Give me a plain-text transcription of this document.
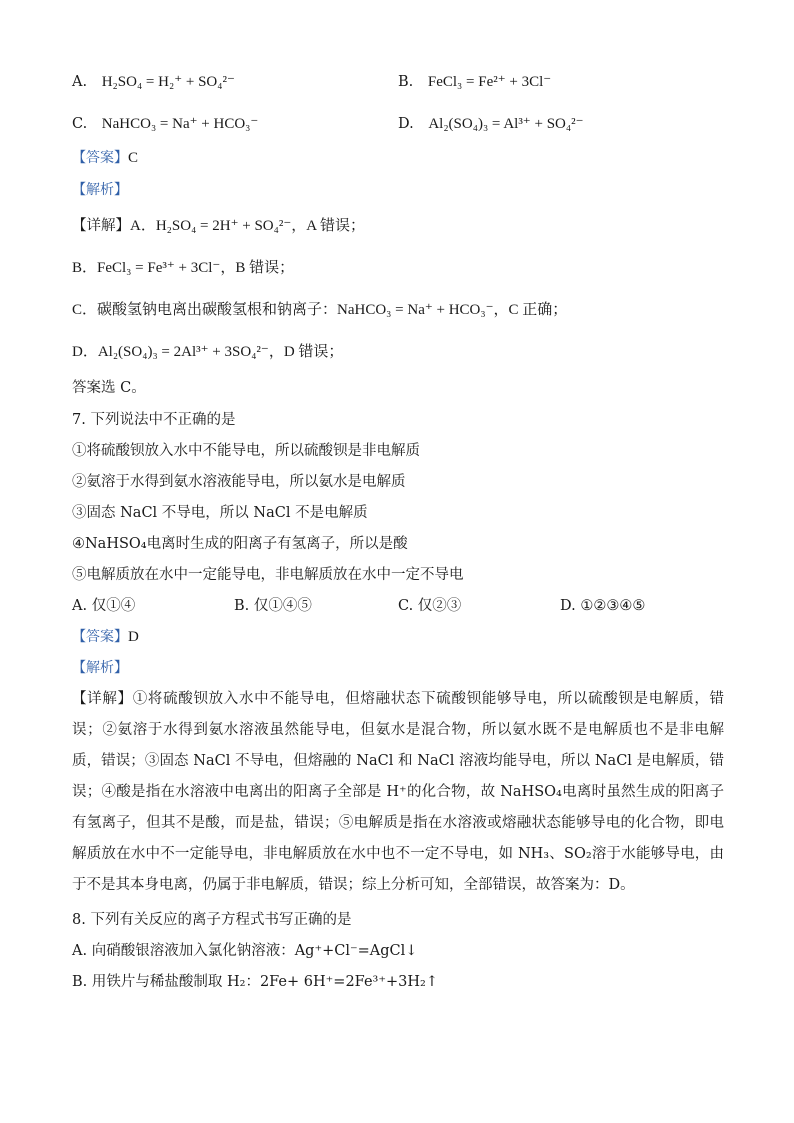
A. H₂SO₄ = H₂⁺ + SO₄²⁻	B. FeCl₃ = Fe²⁺ + 3Cl⁻
C. NaHCO₃ = Na⁺ + HCO₃⁻	D. Al₂(SO₄)₃ = Al³⁺ + SO₄²⁻
【答案】C
【解析】
【详解】A．H₂SO₄ = 2H⁺ + SO₄²⁻，A 错误；
B．FeCl₃ = Fe³⁺ + 3Cl⁻，B 错误；
C．碳酸氢钠电离出碳酸氢根和钠离子：NaHCO₃ = Na⁺ + HCO₃⁻，C 正确；
D．Al₂(SO₄)₃ = 2Al³⁺ + 3SO₄²⁻，D 错误；
答案选 C。
7. 下列说法中不正确的是
①将硫酸钡放入水中不能导电，所以硫酸钡是非电解质
②氨溶于水得到氨水溶液能导电，所以氨水是电解质
③固态 NaCl 不导电，所以 NaCl 不是电解质
④NaHSO₄电离时生成的阳离子有氢离子，所以是酸
⑤电解质放在水中一定能导电，非电解质放在水中一定不导电
A. 仅①④	B. 仅①④⑤	C. 仅②③	D. ①②③④⑤
【答案】D
【解析】
【详解】①将硫酸钡放入水中不能导电，但熔融状态下硫酸钡能够导电，所以硫酸钡是电解质，错误；②氨溶于水得到氨水溶液虽然能导电，但氨水是混合物，所以氨水既不是电解质也不是非电解质，错误；③固态 NaCl 不导电，但熔融的 NaCl 和 NaCl 溶液均能导电，所以 NaCl 是电解质，错误；④酸是指在水溶液中电离出的阳离子全部是 H⁺的化合物，故 NaHSO₄电离时虽然生成的阳离子有氢离子，但其不是酸，而是盐，错误；⑤电解质是指在水溶液或熔融状态能够导电的化合物，即电解质放在水中不一定能导电，非电解质放在水中也不一定不导电，如 NH₃、SO₂溶于水能够导电，由于不是其本身电离，仍属于非电解质，错误；综上分析可知，全部错误，故答案为：D。
8. 下列有关反应的离子方程式书写正确的是
A. 向硝酸银溶液加入氯化钠溶液：Ag⁺+Cl⁻=AgCl↓
B. 用铁片与稀盐酸制取 H₂：2Fe+ 6H⁺=2Fe³⁺+3H₂↑
